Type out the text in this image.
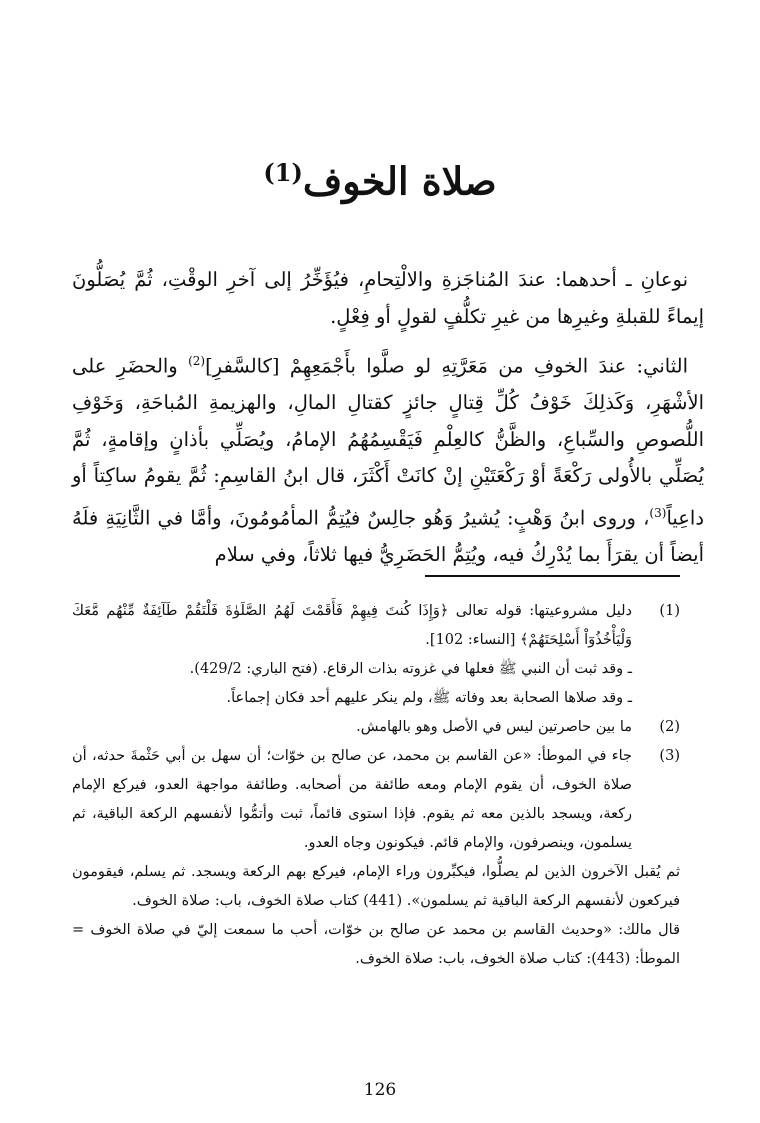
صلاة الخوف$^{(1)}$

نوعانِ ـ أحدهما: عندَ المُناجَزةِ والالْتِحامِ، فيُؤَخِّرُ إلى آخرِ الوقْتِ، ثُمَّ يُصَلُّونَ إيماءً للقبلةِ وغيرِها من غيرِ تكلُّفٍ لقولٍ أو فِعْلٍ.

الثاني: عندَ الخوفِ من مَعَرَّتِهِ لو صلَّوا بأَجْمَعِهِمْ [كالسَّفرِ]$^{(2)}$ والحضَرِ على الأشْهَرِ، وَكَذلِكَ خَوْفُ كُلِّ قِتالٍ جائزٍ كقتالِ المالِ، والهزيمةِ المُباحَةِ، وَخَوْفِ اللُّصوصِ والسِّباعِ، والظَّنُّ كالعِلْمِ فَيَقْسِمُهُمُ الإمامُ، ويُصَلِّي بأذانٍ وإقامةٍ، ثُمَّ يُصَلِّي بالأُولى رَكْعَةً أوْ رَكْعَتَيْنِ إنْ كانَتْ أَكْثَرَ، قال ابنُ القاسِمِ: ثُمَّ يقومُ ساكِتاً أو داعِياً$^{(3)}$، وروى ابنُ وَهْبٍ: يُشيرُ وَهُو جالِسٌ فيُتِمُّ المأمُومُونَ، وأمَّا في الثَّانِيَةِ فلَهُ أيضاً أن يقرَأَ بما يُدْرِكُ فيه، ويُتِمُّ الحَضَرِيُّ فيها ثلاثاً، وفي سلام

(1)
دليل مشروعيتها: قوله تعالى ﴿وَإِذَا كُنتَ فِيهِمْ فَأَقَمْتَ لَهُمُ الصَّلَوٰةَ فَلْتَقُمْ طَآئِفَةٌ مِّنْهُم مَّعَكَ وَلْيَأْخُذُوٓاْ أَسْلِحَتَهُمْ﴾ [النساء: 102].
ـ وقد ثبت أن النبي ﷺ فعلها في غزوته بذات الرقاع. (فتح الباري: 429/2).
ـ وقد صلاها الصحابة بعد وفاته ﷺ، ولم ينكر عليهم أحد فكان إجماعاً.
(2)
ما بين حاصرتين ليس في الأصل وهو بالهامش.
(3)
جاء في الموطأ: «عن القاسم بن محمد، عن صالح بن خوّات؛ أن سهل بن أبي حَثْمةَ حدثه، أن صلاة الخوف، أن يقوم الإمام ومعه طائفة من أصحابه. وطائفة مواجهة العدو، فيركع الإمام ركعة، ويسجد بالذين معه ثم يقوم. فإذا استوى قائماً، ثبت وأتمُّوا لأنفسهم الركعة الباقية، ثم يسلمون، وينصرفون، والإمام قائم. فيكونون وجاه العدو.
ثم يُقبل الآخرون الذين لم يصلُّوا، فيكبِّرون وراء الإمام، فيركع بهم الركعة ويسجد. ثم يسلم، فيقومون فيركعون لأنفسهم الركعة الباقية ثم يسلمون». (441) كتاب صلاة الخوف، باب: صلاة الخوف.
قال مالك: «وحديث القاسم بن محمد عن صالح بن خوّات، أحب ما سمعت إليّ في صلاة الخوف = الموطأ: (443): كتاب صلاة الخوف، باب: صلاة الخوف.
126
